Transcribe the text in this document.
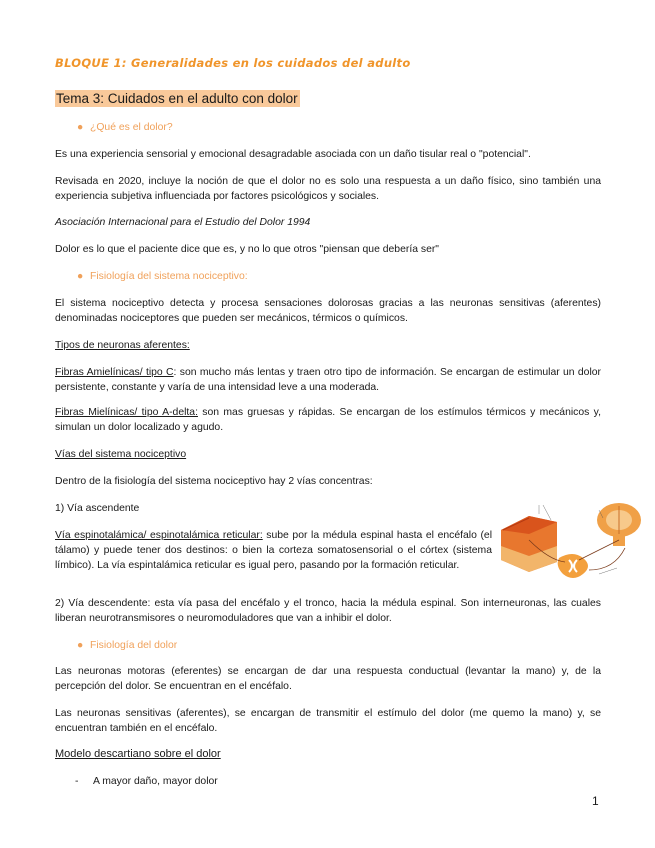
BLOQUE 1: Generalidades en los cuidados del adulto

Tema 3: Cuidados en el adulto con dolor

● ¿Qué es el dolor?

Es una experiencia sensorial y emocional desagradable asociada con un daño tisular real o "potencial".

Revisada en 2020, incluye la noción de que el dolor no es solo una respuesta a un daño físico, sino también una experiencia subjetiva influenciada por factores psicológicos y sociales.

Asociación Internacional para el Estudio del Dolor 1994

Dolor es lo que el paciente dice que es, y no lo que otros "piensan que debería ser"

● Fisiología del sistema nociceptivo:

El sistema nociceptivo detecta y procesa sensaciones dolorosas gracias a las neuronas sensitivas (aferentes) denominadas nociceptores que pueden ser mecánicos, térmicos o químicos.

Tipos de neuronas aferentes:

Fibras Amielínicas/ tipo C: son mucho más lentas y traen otro tipo de información. Se encargan de estimular un dolor persistente, constante y varía de una intensidad leve a una moderada.

Fibras Mielínicas/ tipo A-delta: son mas gruesas y rápidas. Se encargan de los estímulos térmicos y mecánicos y, simulan un dolor localizado y agudo.

Vías del sistema nociceptivo

Dentro de la fisiología del sistema nociceptivo hay 2 vías concentras:

1) Vía ascendente

Vía espinotalámica/ espinotalámica reticular: sube por la médula espinal hasta el encéfalo (el tálamo) y puede tener dos destinos: o bien la corteza somatosensorial o el córtex (sistema límbico). La vía espintalámica reticular es igual pero, pasando por la formación reticular.

2) Vía descendente: esta vía pasa del encéfalo y el tronco, hacia la médula espinal. Son interneuronas, las cuales liberan neurotransmisores o neuromoduladores que van a inhibir el dolor.

● Fisiología del dolor

Las neuronas motoras (eferentes) se encargan de dar una respuesta conductual (levantar la mano) y, de la percepción del dolor. Se encuentran en el encéfalo.

Las neuronas sensitivas (aferentes), se encargan de transmitir el estímulo del dolor (me quemo la mano) y, se encuentran también en el encéfalo.

Modelo descartiano sobre el dolor

- A mayor daño, mayor dolor
1
